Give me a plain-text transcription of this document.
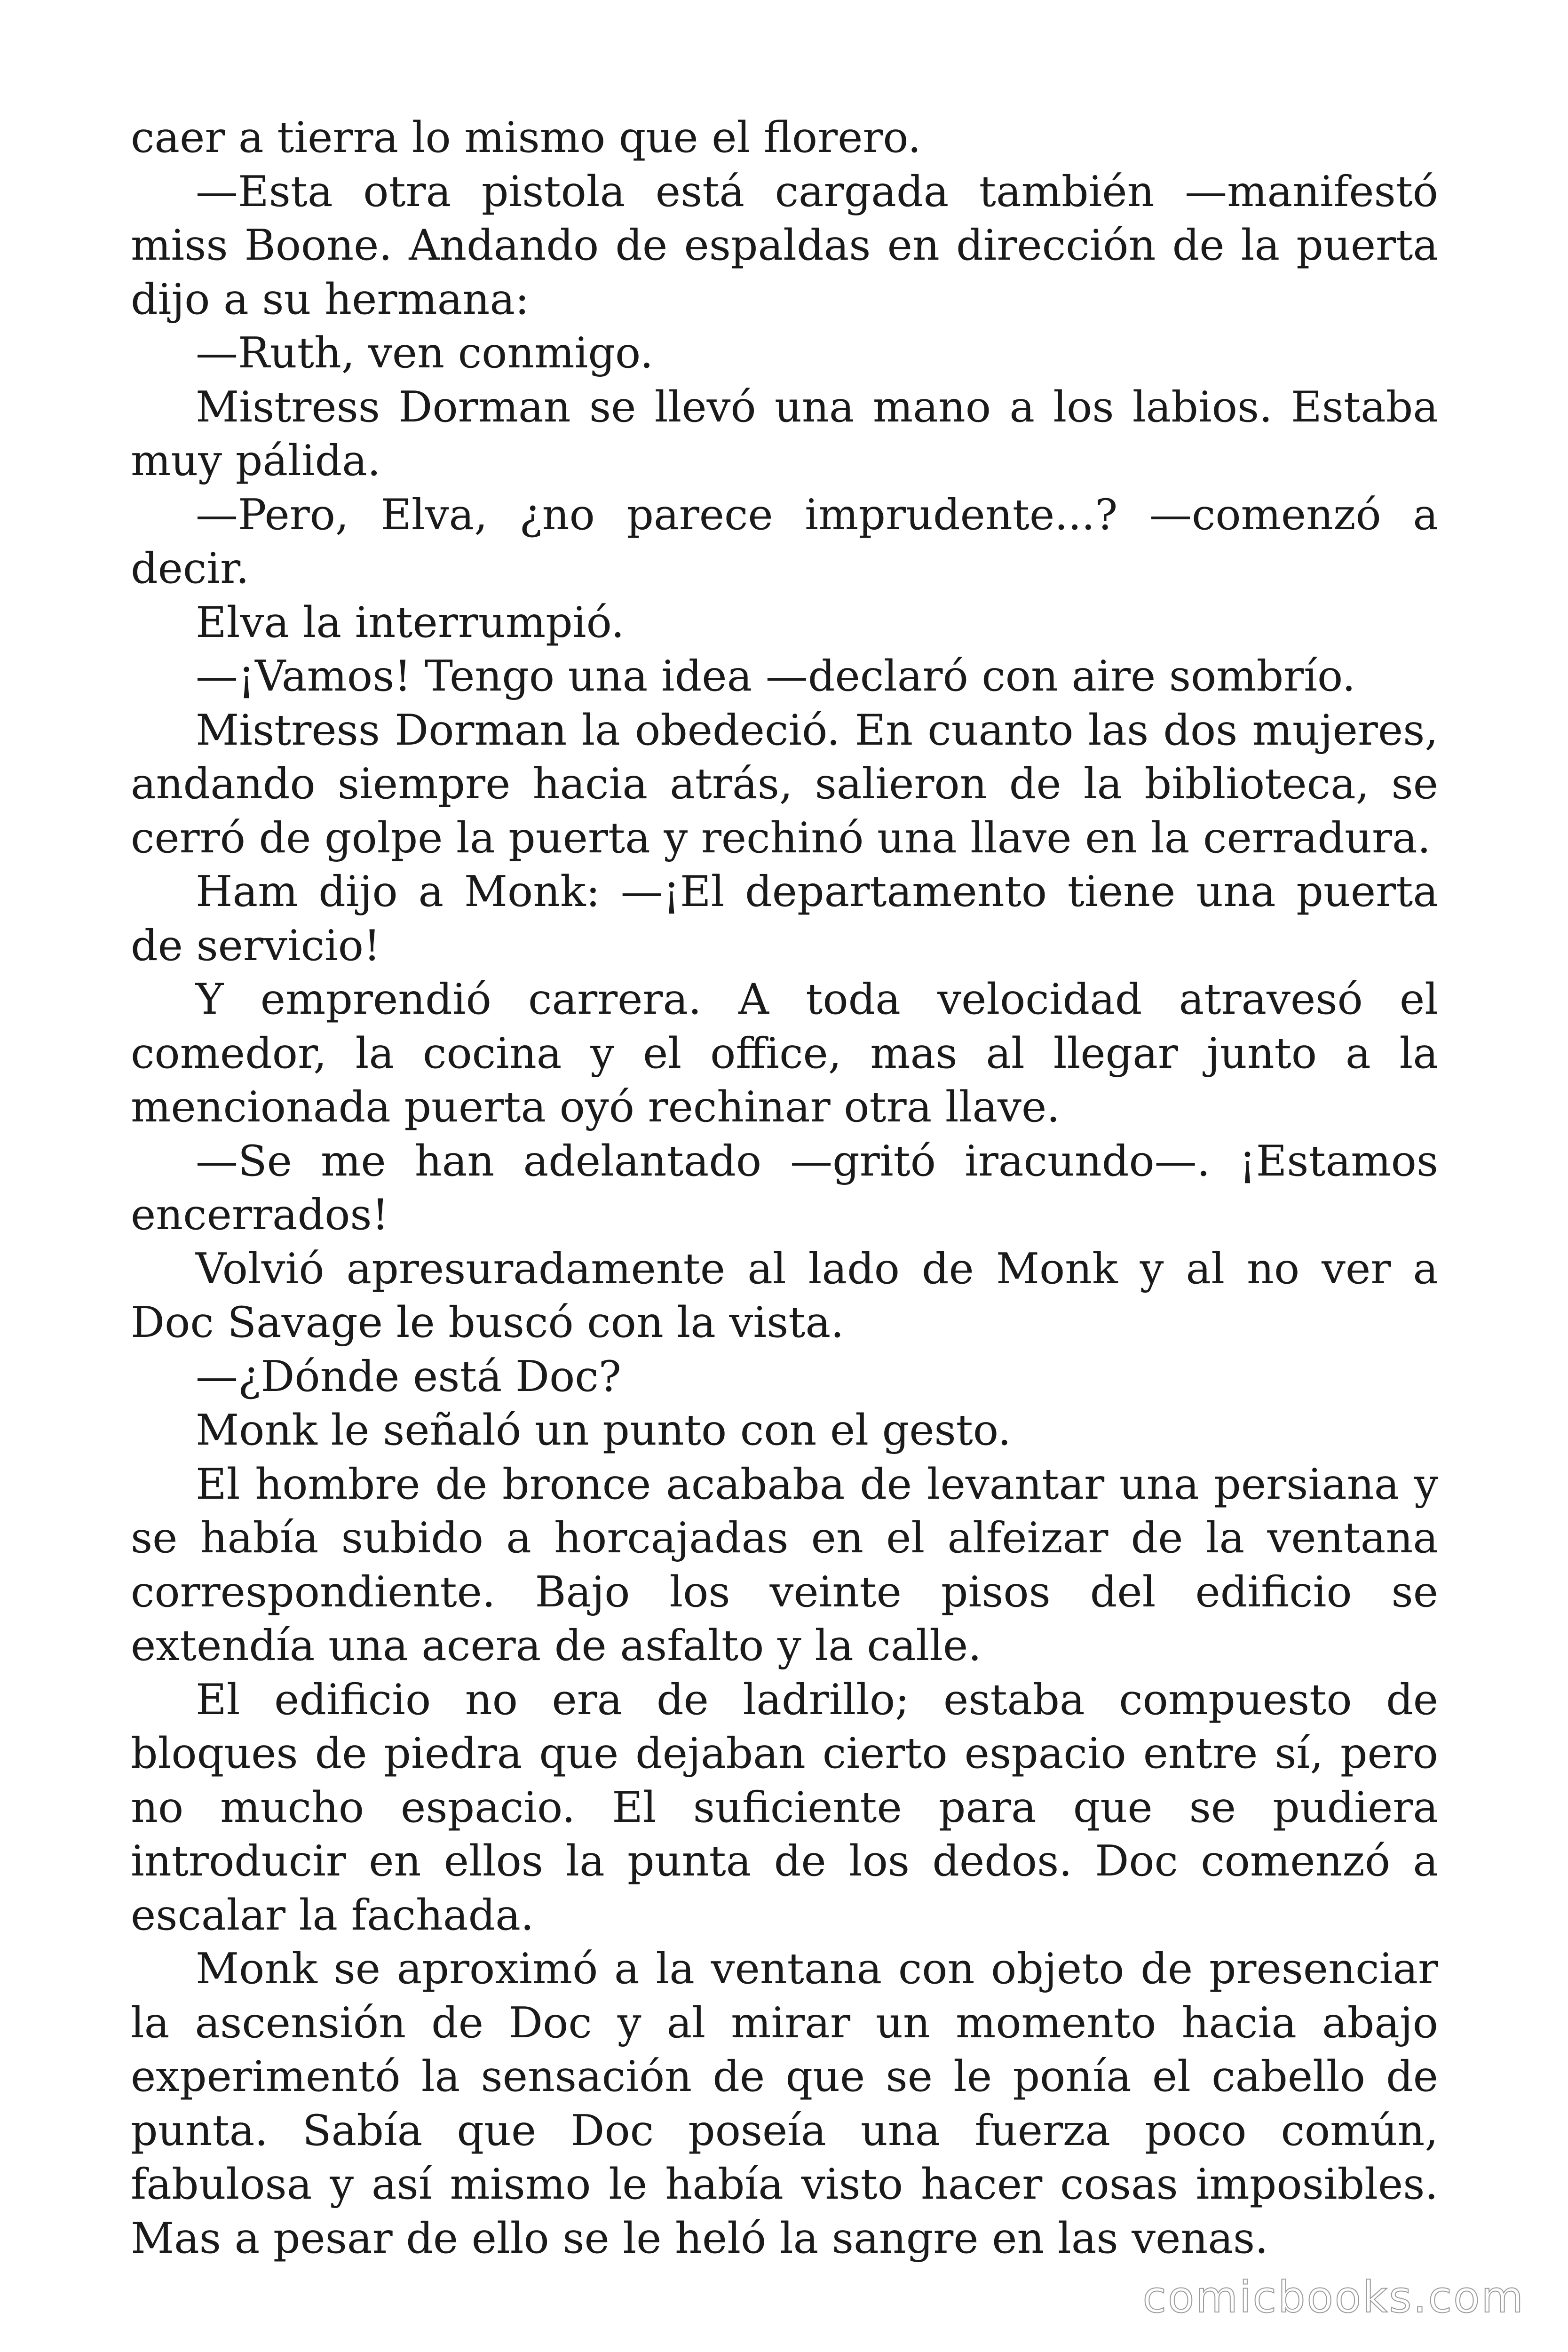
caer a tierra lo mismo que el florero.

—Esta otra pistola está cargada también —manifestó miss Boone. Andando de espaldas en dirección de la puerta dijo a su hermana:

—Ruth, ven conmigo.

Mistress Dorman se llevó una mano a los labios. Estaba muy pálida.

—Pero, Elva, ¿no parece imprudente...? —comenzó a decir.

Elva la interrumpió.

—¡Vamos! Tengo una idea —declaró con aire sombrío.

Mistress Dorman la obedeció. En cuanto las dos mujeres, andando siempre hacia atrás, salieron de la biblioteca, se cerró de golpe la puerta y rechinó una llave en la cerradura.

Ham dijo a Monk: —¡El departamento tiene una puerta de servicio!

Y emprendió carrera. A toda velocidad atravesó el comedor, la cocina y el office, mas al llegar junto a la mencionada puerta oyó rechinar otra llave.

—Se me han adelantado —gritó iracundo—. ¡Estamos encerrados!

Volvió apresuradamente al lado de Monk y al no ver a Doc Savage le buscó con la vista.

—¿Dónde está Doc?

Monk le señaló un punto con el gesto.

El hombre de bronce acababa de levantar una persiana y se había subido a horcajadas en el alfeizar de la ventana correspondiente. Bajo los veinte pisos del edificio se extendía una acera de asfalto y la calle.

El edificio no era de ladrillo; estaba compuesto de bloques de piedra que dejaban cierto espacio entre sí, pero no mucho espacio. El suficiente para que se pudiera introducir en ellos la punta de los dedos. Doc comenzó a escalar la fachada.

Monk se aproximó a la ventana con objeto de presenciar la ascensión de Doc y al mirar un momento hacia abajo experimentó la sensación de que se le ponía el cabello de punta. Sabía que Doc poseía una fuerza poco común, fabulosa y así mismo le había visto hacer cosas imposibles. Mas a pesar de ello se le heló la sangre en las venas.

comicbooks.com
